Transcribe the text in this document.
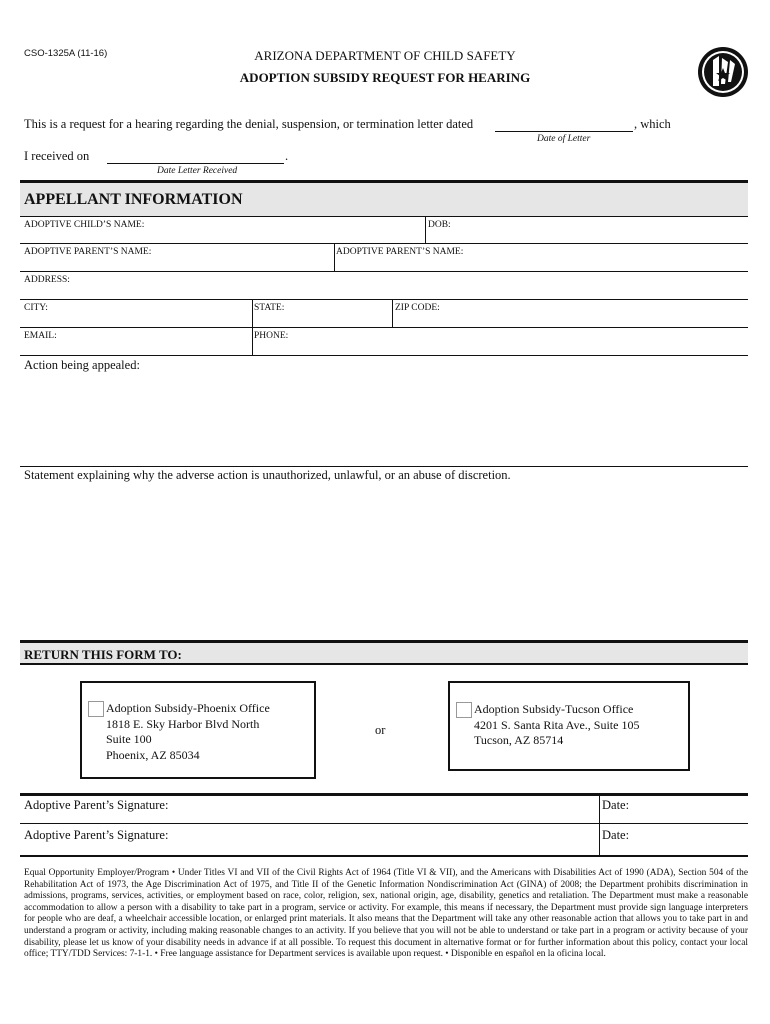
CSO-1325A (11-16)	ARIZONA DEPARTMENT OF CHILD SAFETY
ADOPTION SUBSIDY REQUEST FOR HEARING
This is a request for a hearing regarding the denial, suspension, or termination letter dated	, which
Date of Letter
I received on	.
Date Letter Received
APPELLANT INFORMATION
ADOPTIVE CHILD’S NAME:	DOB:
ADOPTIVE PARENT’S NAME:	ADOPTIVE PARENT’S NAME:
ADDRESS:
CITY:	STATE:	ZIP CODE:
EMAIL:	PHONE:
Action being appealed:
Statement explaining why the adverse action is unauthorized, unlawful, or an abuse of discretion.
RETURN THIS FORM TO:
Adoption Subsidy-Phoenix Office
1818 E. Sky Harbor Blvd North
Suite 100
Phoenix, AZ 85034
or
Adoption Subsidy-Tucson Office
4201 S. Santa Rita Ave., Suite 105
Tucson, AZ 85714
Adoptive Parent’s Signature:	Date:
Adoptive Parent’s Signature:	Date:
Equal Opportunity Employer/Program • Under Titles VI and VII of the Civil Rights Act of 1964 (Title VI & VII), and the Americans with Disabilities Act of 1990 (ADA), Section 504 of the Rehabilitation Act of 1973, the Age Discrimination Act of 1975, and Title II of the Genetic Information Nondiscrimination Act (GINA) of 2008; the Department prohibits discrimination in admissions, programs, services, activities, or employment based on race, color, religion, sex, national origin, age, disability, genetics and retaliation. The Department must make a reasonable accommodation to allow a person with a disability to take part in a program, service or activity. For example, this means if necessary, the Department must provide sign language interpreters for people who are deaf, a wheelchair accessible location, or enlarged print materials. It also means that the Department will take any other reasonable action that allows you to take part in and understand a program or activity, including making reasonable changes to an activity. If you believe that you will not be able to understand or take part in a program or activity because of your disability, please let us know of your disability needs in advance if at all possible. To request this document in alternative format or for further information about this policy, contact your local office; TTY/TDD Services: 7-1-1. • Free language assistance for Department services is available upon request. • Disponible en español en la oficina local.
